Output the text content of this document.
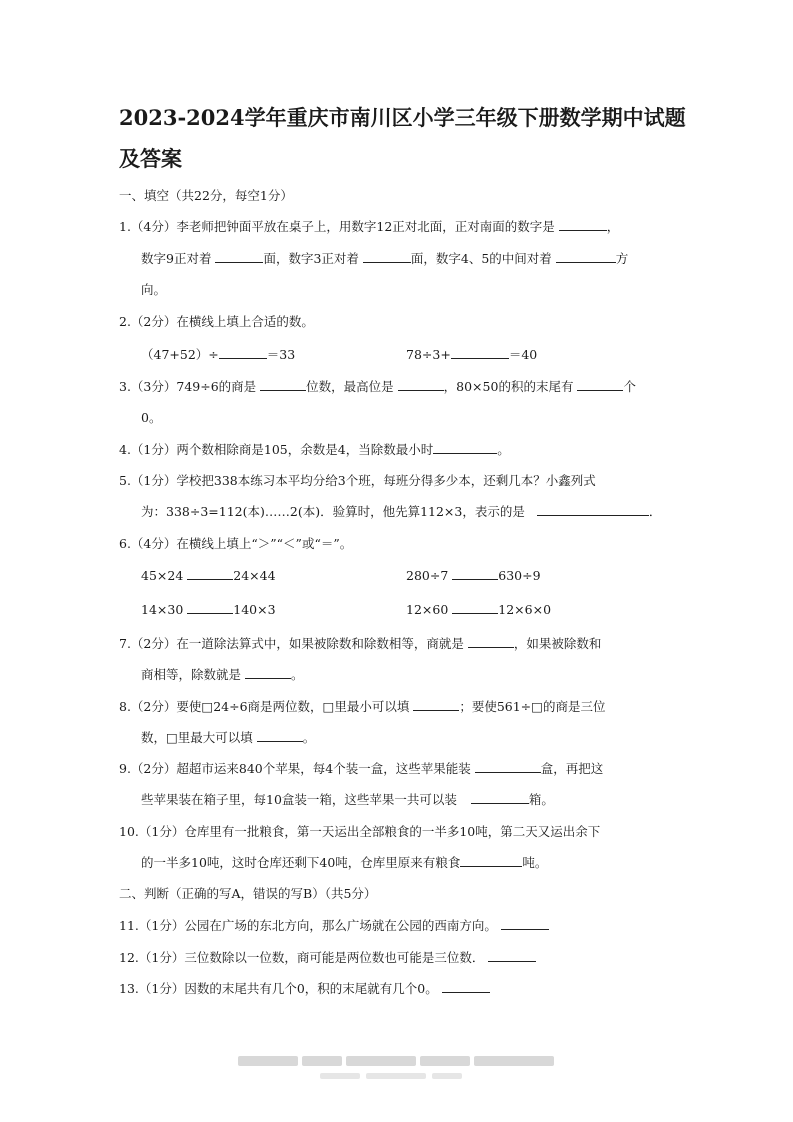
2023-2024学年重庆市南川区小学三年级下册数学期中试题
及答案
一、填空（共22分，每空1分）
1.（4分）李老师把钟面平放在桌子上，用数字12正对北面，正对南面的数字是	，
数字9正对着	面，数字3正对着	面，数字4、5的中间对着	方
向。
2.（2分）在横线上填上合适的数。
（47+52）÷	＝33	78÷3+	＝40
3.（3分）749÷6的商是	位数，最高位是	，80×50的积的末尾有	个
0。
4.（1分）两个数相除商是105，余数是4，当除数最小时	。
5.（1分）学校把338本练习本平均分给3个班，每班分得多少本，还剩几本？小鑫列式
为：338÷3=112(本)……2(本)．验算时，他先算112×3，表示的是	．
6.（4分）在横线上填上“＞”“＜”或“＝”。
45×24	24×44	280÷7	630÷9
14×30	140×3	12×60	12×6×0
7.（2分）在一道除法算式中，如果被除数和除数相等，商就是	，如果被除数和
商相等，除数就是	。
8.（2分）要使□24÷6商是两位数，□里最小可以填	；要使561÷□的商是三位
数，□里最大可以填	。
9.（2分）超超市运来840个苹果，每4个装一盒，这些苹果能装	盒，再把这
些苹果装在箱子里，每10盒装一箱，这些苹果一共可以装	箱。
10.（1分）仓库里有一批粮食，第一天运出全部粮食的一半多10吨，第二天又运出余下
的一半多10吨，这时仓库还剩下40吨，仓库里原来有粮食	吨。
二、判断（正确的写A，错误的写B）（共5分）
11.（1分）公园在广场的东北方向，那么广场就在公园的西南方向。
12.（1分）三位数除以一位数，商可能是两位数也可能是三位数．
13.（1分）因数的末尾共有几个0，积的末尾就有几个0。
